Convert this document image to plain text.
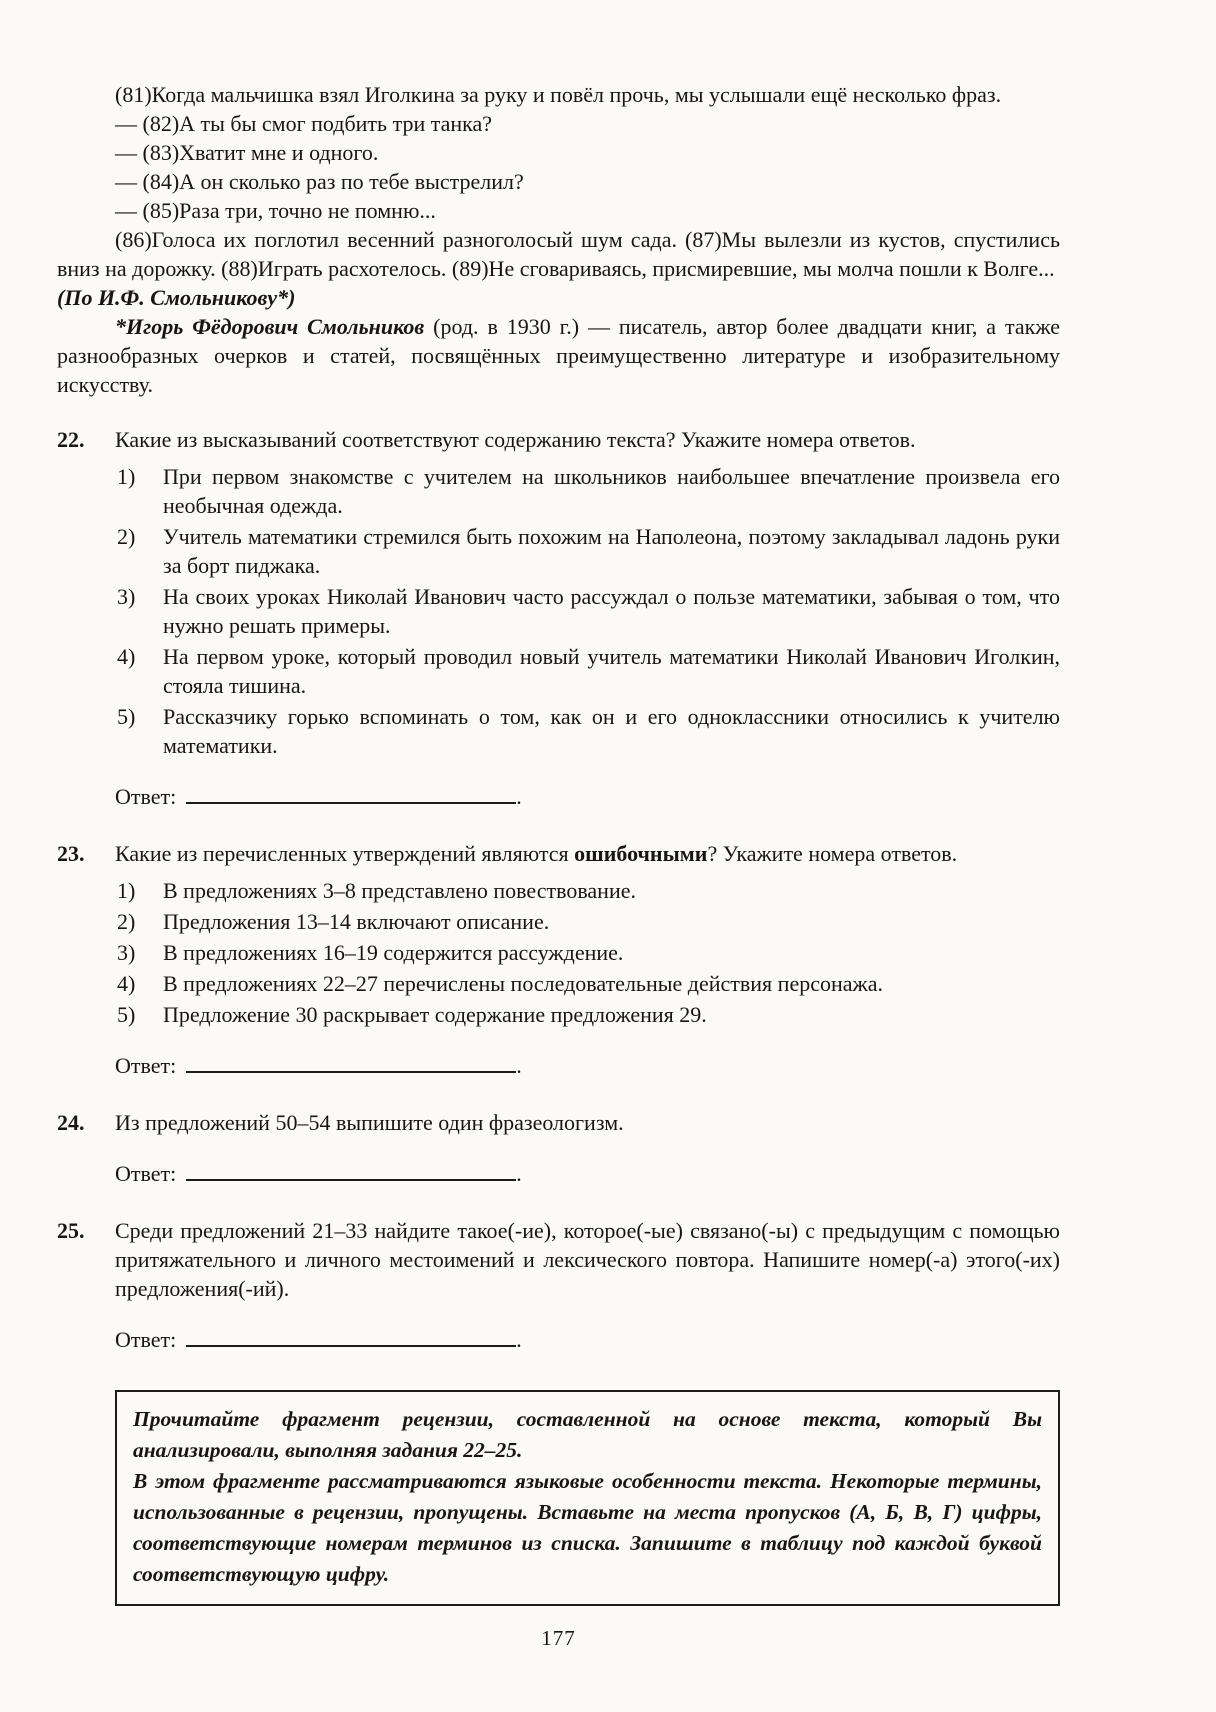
(81)Когда мальчишка взял Иголкина за руку и повёл прочь, мы услышали ещё несколько фраз.

— (82)А ты бы смог подбить три танка?

— (83)Хватит мне и одного.

— (84)А он сколько раз по тебе выстрелил?

— (85)Раза три, точно не помню...

(86)Голоса их поглотил весенний разноголосый шум сада. (87)Мы вылезли из кустов, спустились вниз на дорожку. (88)Играть расхотелось. (89)Не сговариваясь, присмиревшие, мы молча пошли к Волге...

(По И.Ф. Смольникову*)

*Игорь Фёдорович Смольников (род. в 1930 г.) — писатель, автор более двадцати книг, а также разнообразных очерков и статей, посвящённых преимущественно литературе и изобразительному искусству.

22.	Какие из высказываний соответствуют содержанию текста? Укажите номера ответов.

1)	При первом знакомстве с учителем на школьников наибольшее впечатление произвела его необычная одежда.

2)	Учитель математики стремился быть похожим на Наполеона, поэтому закладывал ладонь руки за борт пиджака.

3)	На своих уроках Николай Иванович часто рассуждал о пользе математики, забывая о том, что нужно решать примеры.

4)	На первом уроке, который проводил новый учитель математики Николай Иванович Иголкин, стояла тишина.

5)	Рассказчику горько вспоминать о том, как он и его одноклассники относились к учителю математики.

Ответ:	.
23.	Какие из перечисленных утверждений являются ошибочными? Укажите номера ответов.

1)	В предложениях 3–8 представлено повествование.

2)	Предложения 13–14 включают описание.

3)	В предложениях 16–19 содержится рассуждение.

4)	В предложениях 22–27 перечислены последовательные действия персонажа.

5)	Предложение 30 раскрывает содержание предложения 29.

Ответ:	.
24.	Из предложений 50–54 выпишите один фразеологизм.

Ответ:	.
25.	Среди предложений 21–33 найдите такое(-ие), которое(-ые) связано(-ы) с предыдущим с помощью притяжательного и личного местоимений и лексического повтора. Напишите номер(-а) этого(-их) предложения(-ий).

Ответ:	.

Прочитайте фрагмент рецензии, составленной на основе текста, который Вы анализировали, выполняя задания 22–25.

В этом фрагменте рассматриваются языковые особенности текста. Некоторые термины, использованные в рецензии, пропущены. Вставьте на места пропусков (А, Б, В, Г) цифры, соответствующие номерам терминов из списка. Запишите в таблицу под каждой буквой соответствующую цифру.

177
